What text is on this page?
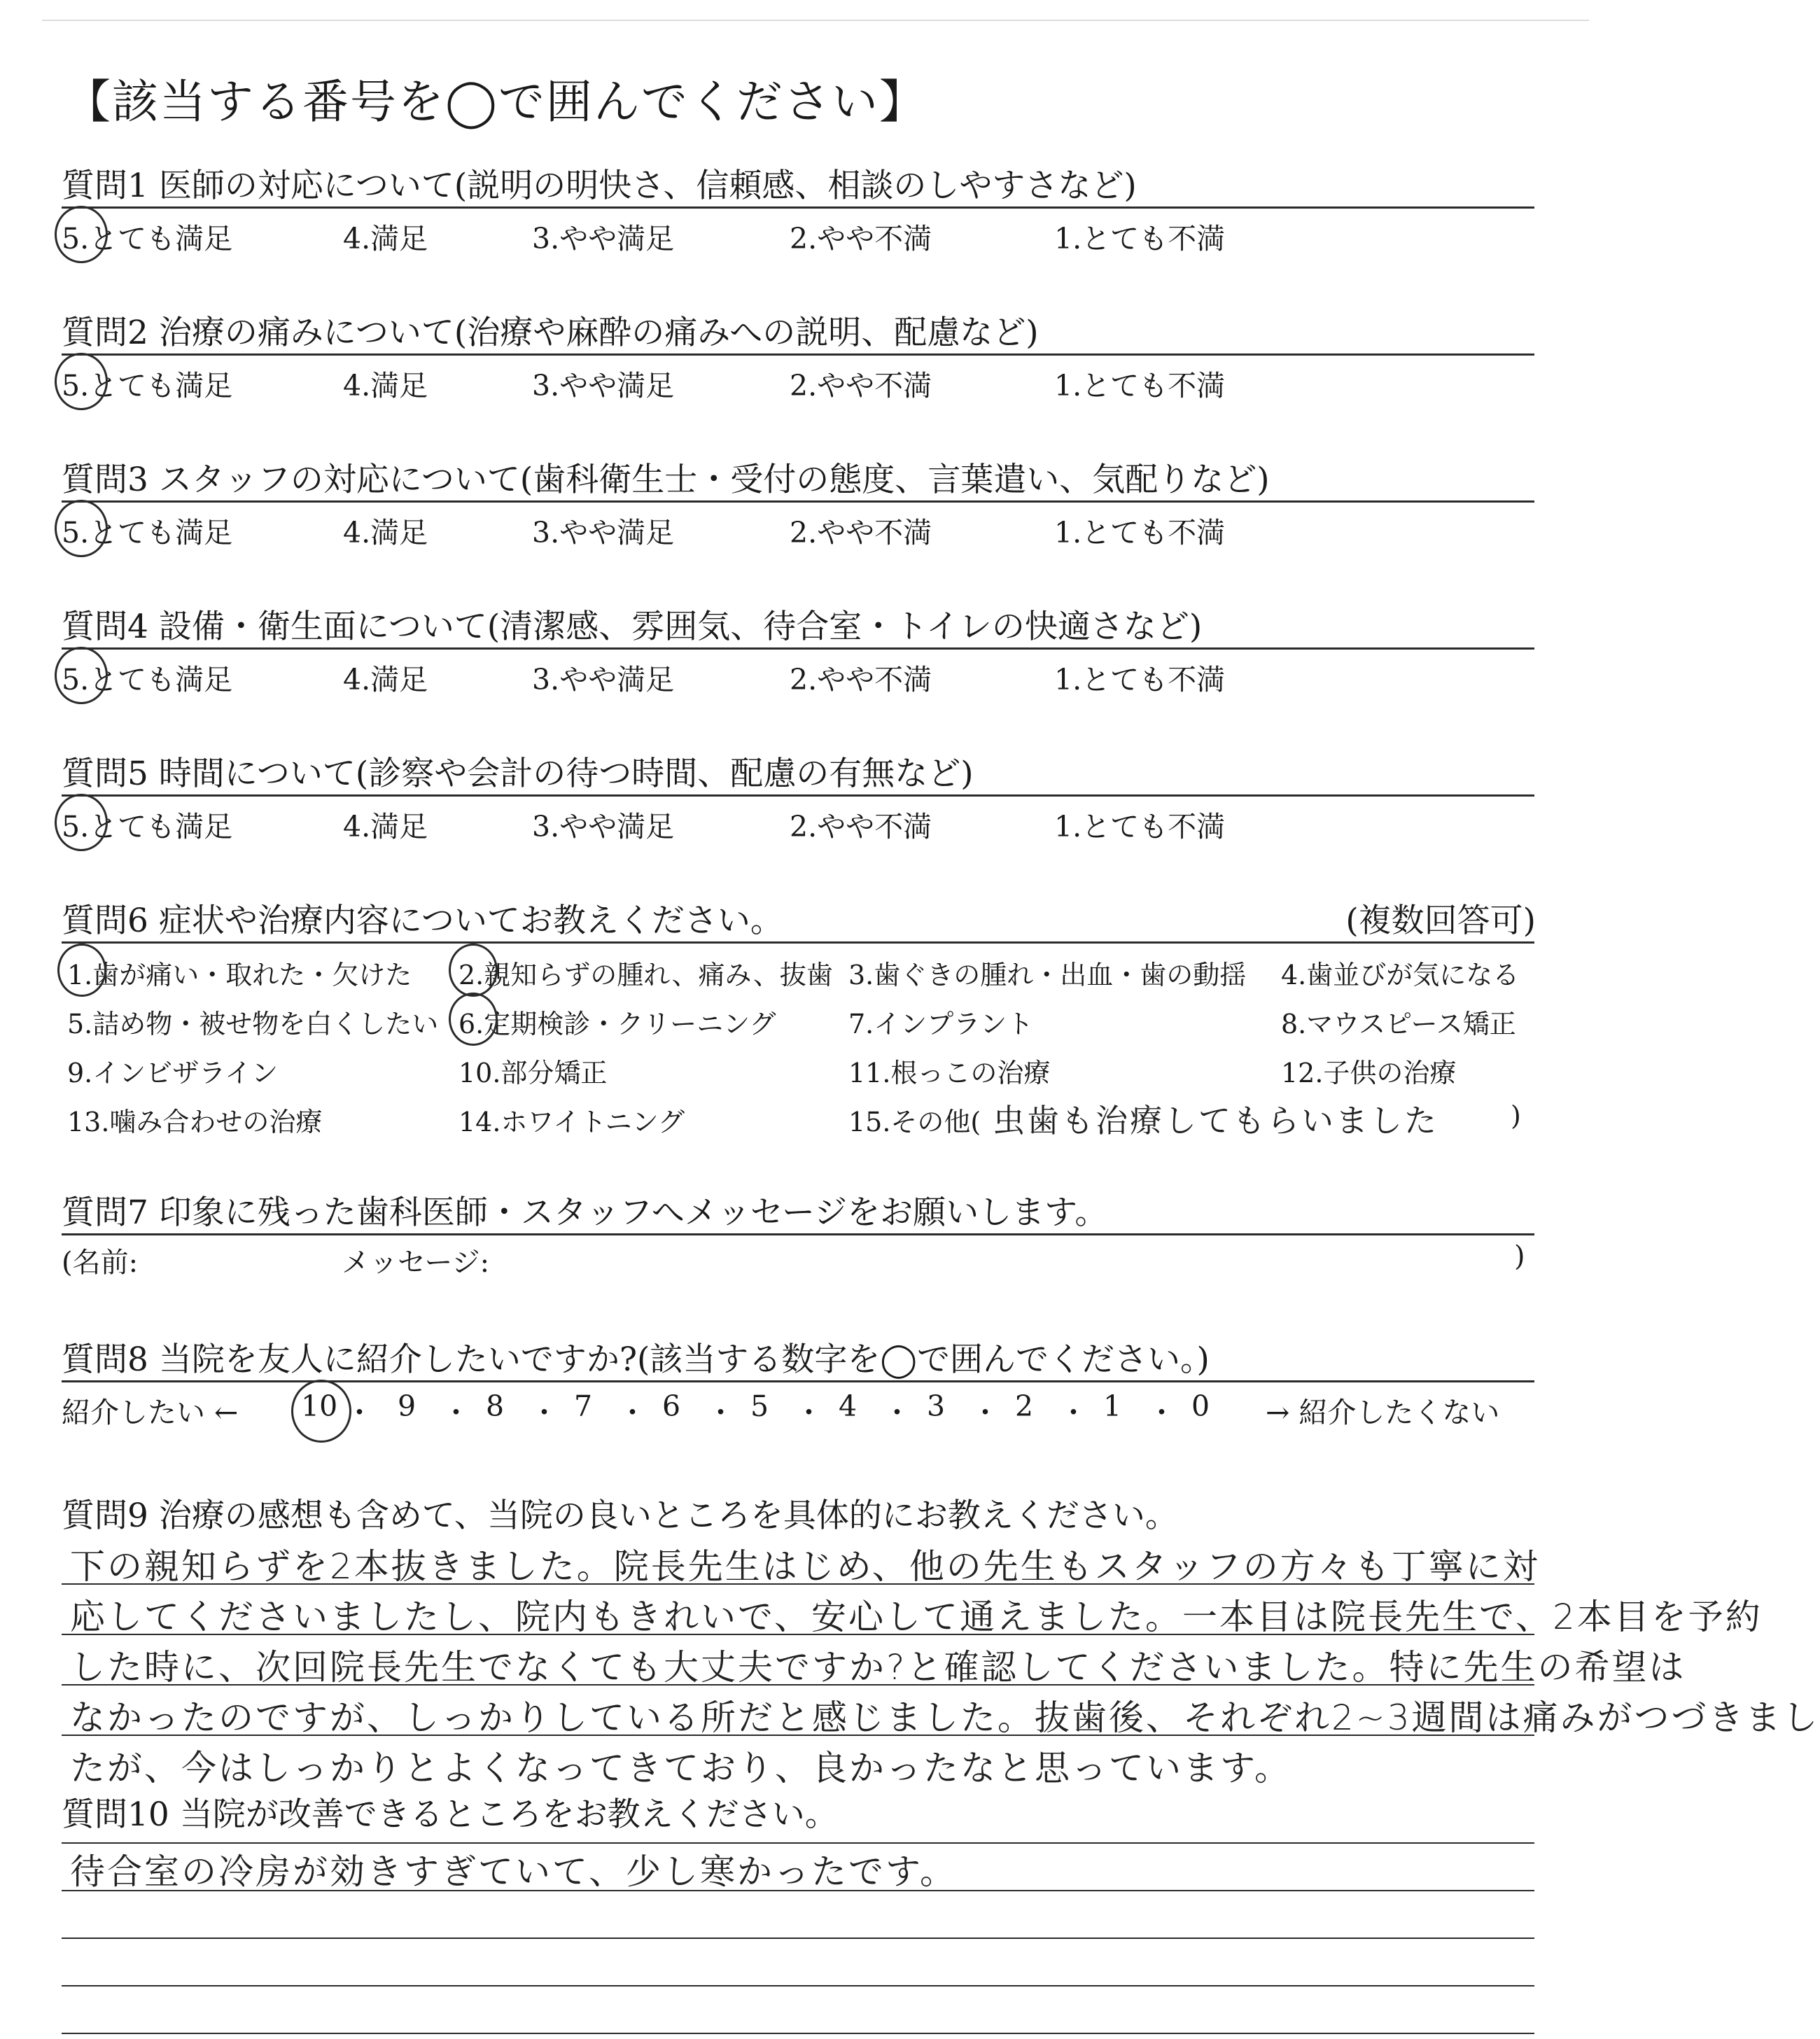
【該当する番号を◯で囲んでください】
質問1 医師の対応について(説明の明快さ、信頼感、相談のしやすさなど)
5.とても満足	4.満足	3.やや満足	2.やや不満	1.とても不満
質問2 治療の痛みについて(治療や麻酔の痛みへの説明、配慮など)
5.とても満足	4.満足	3.やや満足	2.やや不満	1.とても不満
質問3 スタッフの対応について(歯科衛生士・受付の態度、言葉遣い、気配りなど)
5.とても満足	4.満足	3.やや満足	2.やや不満	1.とても不満
質問4 設備・衛生面について(清潔感、雰囲気、待合室・トイレの快適さなど)
5.とても満足	4.満足	3.やや満足	2.やや不満	1.とても不満
質問5 時間について(診察や会計の待つ時間、配慮の有無など)
5.とても満足	4.満足	3.やや満足	2.やや不満	1.とても不満
質問6 症状や治療内容についてお教えください。	(複数回答可)
1.歯が痛い・取れた・欠けた 2.親知らずの腫れ、痛み、抜歯 3.歯ぐきの腫れ・出血・歯の動揺 4.歯並びが気になる
5.詰め物・被せ物を白くしたい 6.定期検診・クリーニング	7.インプラント	8.マウスピース矯正
9.インビザライン	10.部分矯正	11.根っこの治療	12.子供の治療
13.噛み合わせの治療	14.ホワイトニング	15.その他(	)
虫歯も治療してもらいました
質問7 印象に残った歯科医師・スタッフへメッセージをお願いします。
(名前:	メッセージ:	)
質問8 当院を友人に紹介したいですか?(該当する数字を◯で囲んでください。)
紹介したい ← 10 ・ 9 ・ 8 ・ 7 ・ 6 ・ 5 ・ 4 ・ 3 ・ 2 ・ 1 ・ 0 → 紹介したくない
質問9 治療の感想も含めて、当院の良いところを具体的にお教えください。
下の親知らずを2本抜きました。院長先生はじめ、他の先生もスタッフの方々も丁寧に対
応してくださいましたし、院内もきれいで、安心して通えました。一本目は院長先生で、2本目を予約
した時に、次回院長先生でなくても大丈夫ですか?と確認してくださいました。特に先生の希望は
なかったのですが、しっかりしている所だと感じました。抜歯後、それぞれ2~3週間は痛みがつづきまし
たが、今はしっかりとよくなってきており、良かったなと思っています。
質問10 当院が改善できるところをお教えください。
待合室の冷房が効きすぎていて、少し寒かったです。
